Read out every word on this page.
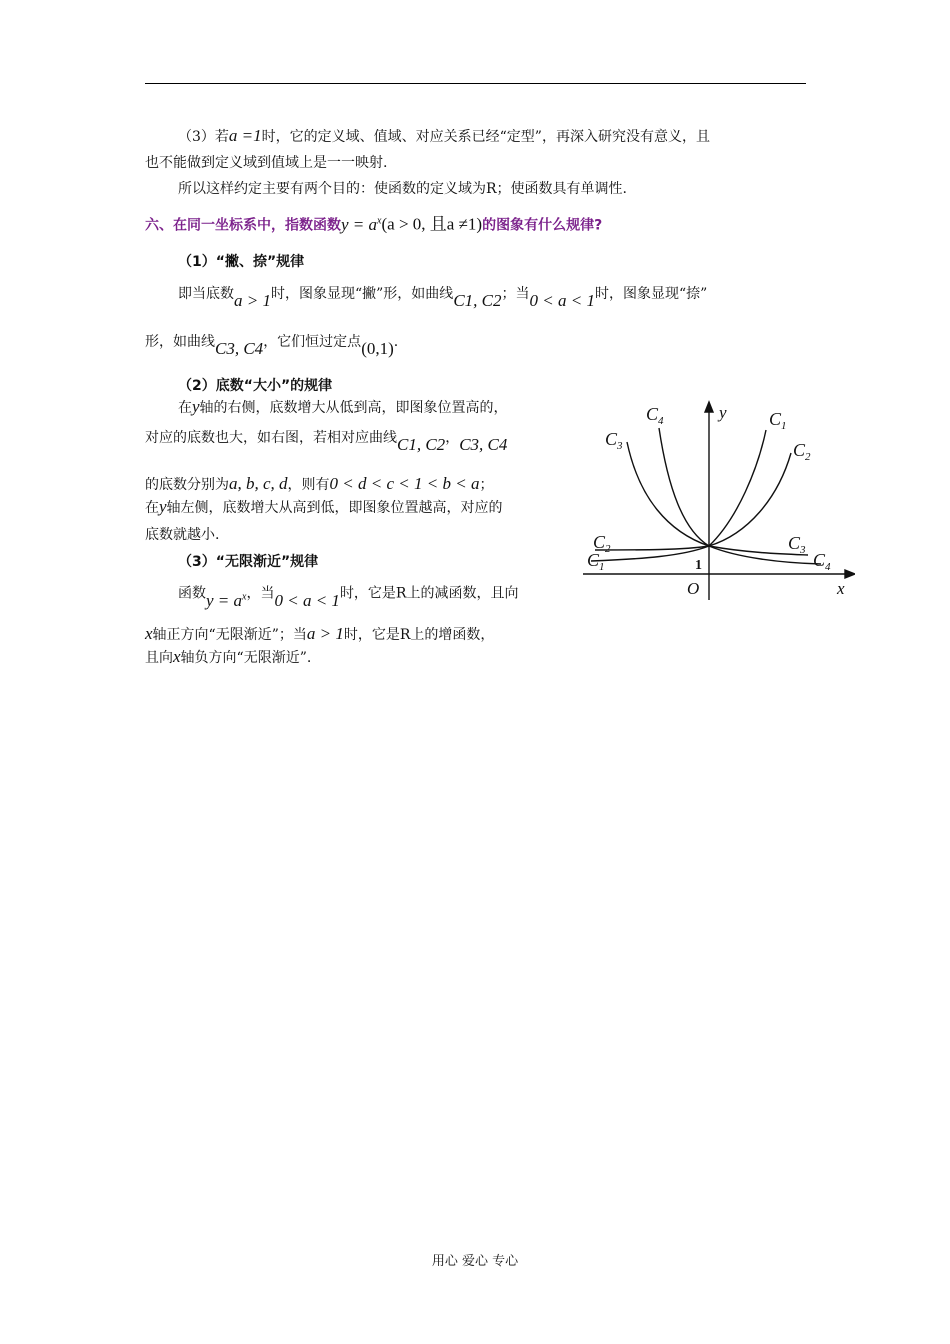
（3）若a =1时，它的定义域、值域、对应关系已经“定型”，再深入研究没有意义，且
也不能做到定义域到值域上是一一映射.
所以这样约定主要有两个目的：使函数的定义域为R；使函数具有单调性.
六、在同一坐标系中，指数函数$y = a^x(a > 0$, 且a ≠1)的图象有什么规律?
（1）“撇、捺”规律
即当底数a > 1时，图象显现“撇”形，如曲线C1, C2；当0 < a < 1时，图象显现“捺”
形，如曲线C3, C4，它们恒过定点(0,1).
（2）底数“大小”的规律
在y轴的右侧，底数增大从低到高，即图象位置高的，
对应的底数也大，如右图，若相对应曲线C1, C2，C3, C4
的底数分别为a, b, c, d，则有0 < d < c < 1 < b < a；
在y轴左侧，底数增大从高到低，即图象位置越高，对应的
底数就越小.
（3）“无限渐近”规律
函数$y = a^x$，当0 < a < 1时，它是R上的减函数，且向
x轴正方向“无限渐近”；当a > 1时，它是R上的增函数，
且向x轴负方向“无限渐近”.
$C_4$
$C_3$
$C_1$
$C_2$
$C_2$
$C_1$
$C_3$ $C_4$
y
x
O
1
用心 爱心 专心
